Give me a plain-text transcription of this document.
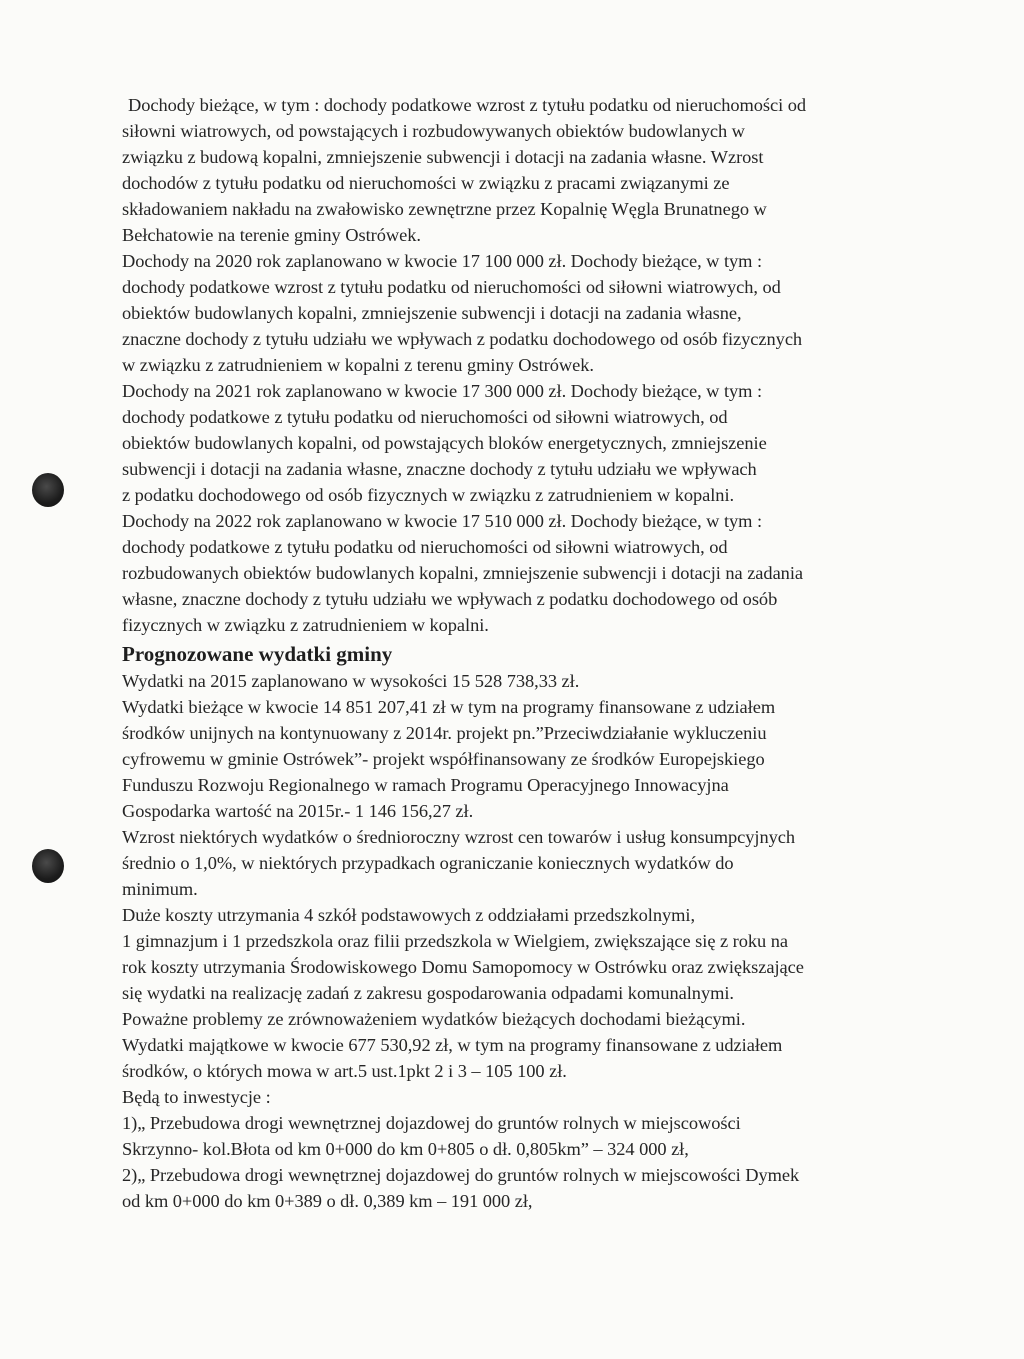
Dochody bieżące, w tym : dochody podatkowe wzrost z tytułu podatku od nieruchomości od
siłowni wiatrowych, od powstających i rozbudowywanych obiektów budowlanych w
związku z budową kopalni, zmniejszenie subwencji i dotacji na zadania własne. Wzrost
dochodów z tytułu podatku od nieruchomości w związku z pracami związanymi ze
składowaniem nakładu na zwałowisko zewnętrzne przez Kopalnię Węgla Brunatnego w
Bełchatowie na terenie gminy Ostrówek.
Dochody na 2020 rok zaplanowano w kwocie 17 100 000 zł. Dochody bieżące, w tym :
dochody podatkowe wzrost z tytułu podatku od nieruchomości od siłowni wiatrowych, od
obiektów budowlanych kopalni, zmniejszenie subwencji i dotacji na zadania własne,
znaczne dochody z tytułu udziału we wpływach z podatku dochodowego od osób fizycznych
w związku z zatrudnieniem w kopalni z terenu gminy Ostrówek.
Dochody na 2021 rok zaplanowano w kwocie 17 300 000 zł. Dochody bieżące, w tym :
dochody podatkowe z tytułu podatku od nieruchomości od siłowni wiatrowych, od
obiektów budowlanych kopalni, od powstających bloków energetycznych, zmniejszenie
subwencji i dotacji na zadania własne, znaczne dochody z tytułu udziału we wpływach
z podatku dochodowego od osób fizycznych w związku z zatrudnieniem w kopalni.
Dochody na 2022 rok zaplanowano w kwocie 17 510 000 zł. Dochody bieżące, w tym :
dochody podatkowe z tytułu podatku od nieruchomości od siłowni wiatrowych, od
rozbudowanych obiektów budowlanych kopalni, zmniejszenie subwencji i dotacji na zadania
własne, znaczne dochody z tytułu udziału we wpływach z podatku dochodowego od osób
fizycznych w związku z zatrudnieniem w kopalni.
Prognozowane wydatki gminy
Wydatki na 2015 zaplanowano w wysokości 15 528 738,33 zł.
Wydatki bieżące w kwocie 14 851 207,41 zł w tym na programy finansowane z udziałem
środków unijnych na kontynuowany z 2014r. projekt pn.”Przeciwdziałanie wykluczeniu
cyfrowemu w gminie Ostrówek”- projekt współfinansowany ze środków Europejskiego
Funduszu Rozwoju Regionalnego w ramach Programu Operacyjnego Innowacyjna
Gospodarka wartość na 2015r.- 1 146 156,27 zł.
Wzrost niektórych wydatków o średnioroczny wzrost cen towarów i usług konsumpcyjnych
średnio o 1,0%, w niektórych przypadkach ograniczanie koniecznych wydatków do
minimum.
Duże koszty utrzymania 4 szkół podstawowych z oddziałami przedszkolnymi,
1 gimnazjum i 1 przedszkola oraz filii przedszkola w Wielgiem, zwiększające się z roku na
rok koszty utrzymania Środowiskowego Domu Samopomocy w Ostrówku oraz zwiększające
się wydatki na realizację zadań z zakresu gospodarowania odpadami komunalnymi.
Poważne problemy ze zrównoważeniem wydatków bieżących dochodami bieżącymi.
Wydatki majątkowe w kwocie 677 530,92 zł, w tym na programy finansowane z udziałem
środków, o których mowa w art.5 ust.1pkt 2 i 3 – 105 100 zł.
Będą to inwestycje :
1)„ Przebudowa drogi wewnętrznej dojazdowej do gruntów rolnych w miejscowości
Skrzynno- kol.Błota od km 0+000 do km 0+805 o dł. 0,805km” – 324 000 zł,
2)„ Przebudowa drogi wewnętrznej dojazdowej do gruntów rolnych w miejscowości Dymek
od km 0+000 do km 0+389 o dł. 0,389 km – 191 000 zł,
